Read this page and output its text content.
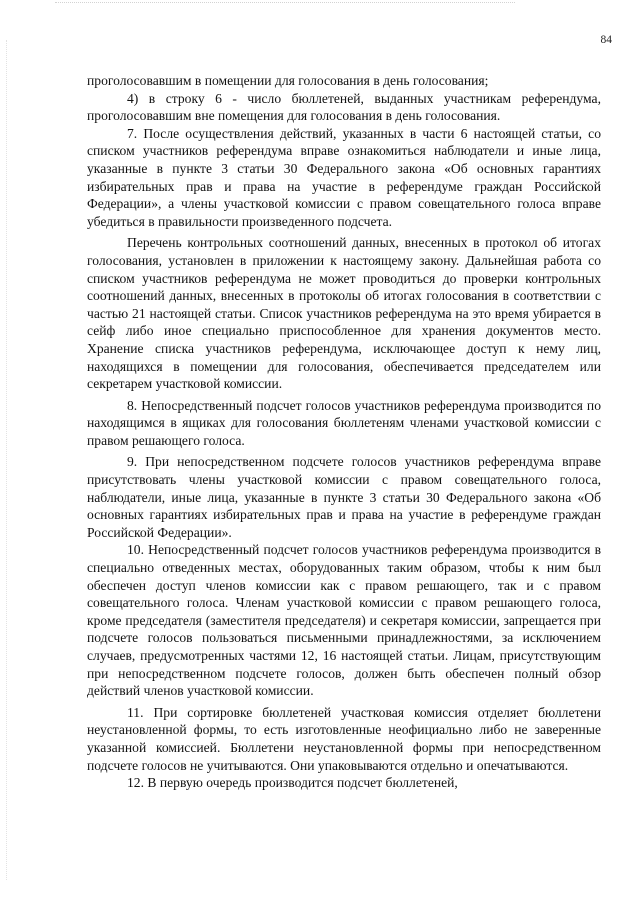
84

проголосовавшим в помещении для голосования в день голосования;

4) в строку 6 - число бюллетеней, выданных участникам референдума, проголосовавшим вне помещения для голосования в день голосования.

7. После осуществления действий, указанных в части 6 настоящей статьи, со списком участников референдума вправе ознакомиться наблюдатели и иные лица, указанные в пункте 3 статьи 30 Федерального закона «Об основных гарантиях избирательных прав и права на участие в референдуме граждан Российской Федерации», а члены участковой комиссии с правом совещательного голоса вправе убедиться в правильности произведенного подсчета.

Перечень контрольных соотношений данных, внесенных в протокол об итогах голосования, установлен в приложении к настоящему закону. Дальнейшая работа со списком участников референдума не может проводиться до проверки контрольных соотношений данных, внесенных в протоколы об итогах голосования в соответствии с частью 21 настоящей статьи. Список участников референдума на это время убирается в сейф либо иное специально приспособленное для хранения документов место. Хранение списка участников референдума, исключающее доступ к нему лиц, находящихся в помещении для голосования, обеспечивается председателем или секретарем участковой комиссии.

8. Непосредственный подсчет голосов участников референдума производится по находящимся в ящиках для голосования бюллетеням членами участковой комиссии с правом решающего голоса.

9. При непосредственном подсчете голосов участников референдума вправе присутствовать члены участковой комиссии с правом совещательного голоса, наблюдатели, иные лица, указанные в пункте 3 статьи 30 Федерального закона «Об основных гарантиях избирательных прав и права на участие в референдуме граждан Российской Федерации».

10. Непосредственный подсчет голосов участников референдума производится в специально отведенных местах, оборудованных таким образом, чтобы к ним был обеспечен доступ членов комиссии как с правом решающего, так и с правом совещательного голоса. Членам участковой комиссии с правом решающего голоса, кроме председателя (заместителя председателя) и секретаря комиссии, запрещается при подсчете голосов пользоваться письменными принадлежностями, за исключением случаев, предусмотренных частями 12, 16 настоящей статьи. Лицам, присутствующим при непосредственном подсчете голосов, должен быть обеспечен полный обзор действий членов участковой комиссии.

11. При сортировке бюллетеней участковая комиссия отделяет бюллетени неустановленной формы, то есть изготовленные неофициально либо не заверенные указанной комиссией. Бюллетени неустановленной формы при непосредственном подсчете голосов не учитываются. Они упаковываются отдельно и опечатываются.

12. В первую очередь производится подсчет бюллетеней,
